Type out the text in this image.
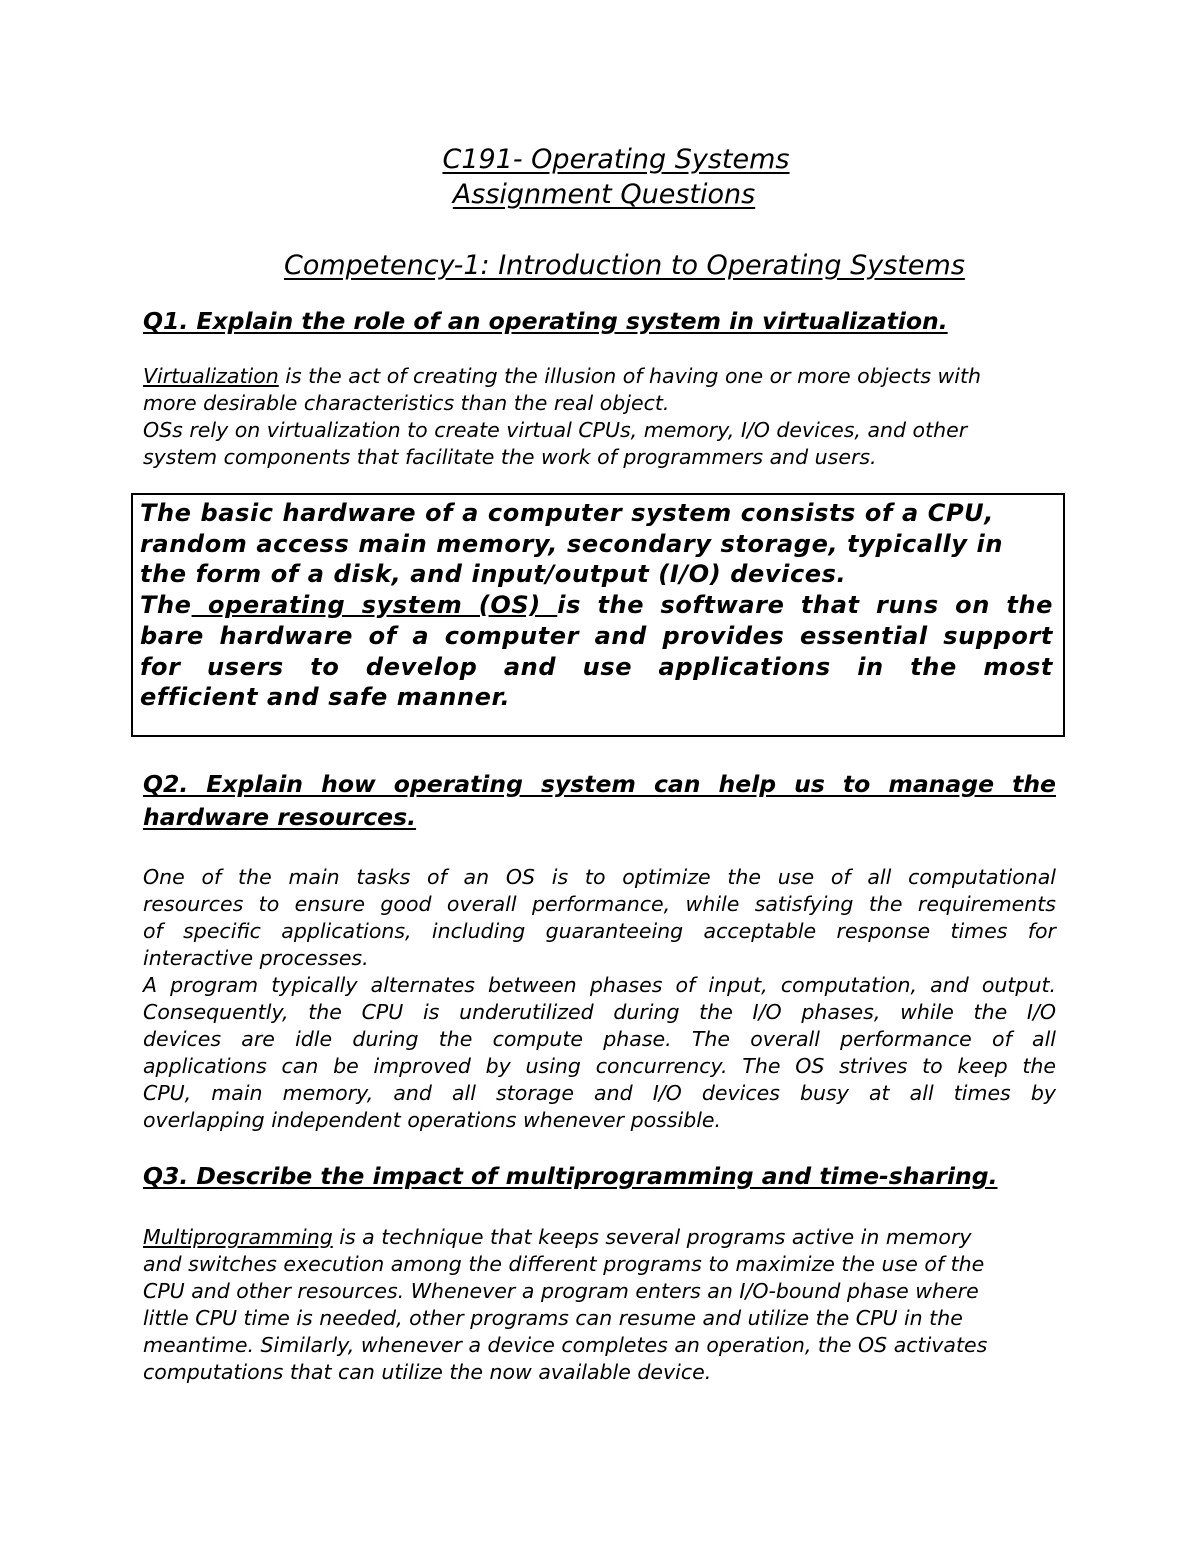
C191- Operating Systems
Assignment Questions
Competency-1: Introduction to Operating Systems
Q1. Explain the role of an operating system in virtualization.

Virtualization is the act of creating the illusion of having one or more objects with
more desirable characteristics than the real object.
OSs rely on virtualization to create virtual CPUs, memory, I/O devices, and other
system components that facilitate the work of programmers and users.

The basic hardware of a computer system consists of a CPU,
random access main memory, secondary storage, typically in
the form of a disk, and input/output (I/O) devices.
The operating system (OS) is the software that runs on the
bare hardware of a computer and provides essential support
for users to develop and use applications in the most
efficient and safe manner.
Q2. Explain how operating system can help us to manage the hardware resources.

One of the main tasks of an OS is to optimize the use of all computational
resources to ensure good overall performance, while satisfying the requirements
of specific applications, including guaranteeing acceptable response times for
interactive processes.
A program typically alternates between phases of input, computation, and output.
Consequently, the CPU is underutilized during the I/O phases, while the I/O
devices are idle during the compute phase. The overall performance of all
applications can be improved by using concurrency. The OS strives to keep the
CPU, main memory, and all storage and I/O devices busy at all times by
overlapping independent operations whenever possible.

Q3. Describe the impact of multiprogramming and time-sharing.

Multiprogramming is a technique that keeps several programs active in memory
and switches execution among the different programs to maximize the use of the
CPU and other resources. Whenever a program enters an I/O-bound phase where
little CPU time is needed, other programs can resume and utilize the CPU in the
meantime. Similarly, whenever a device completes an operation, the OS activates
computations that can utilize the now available device.
